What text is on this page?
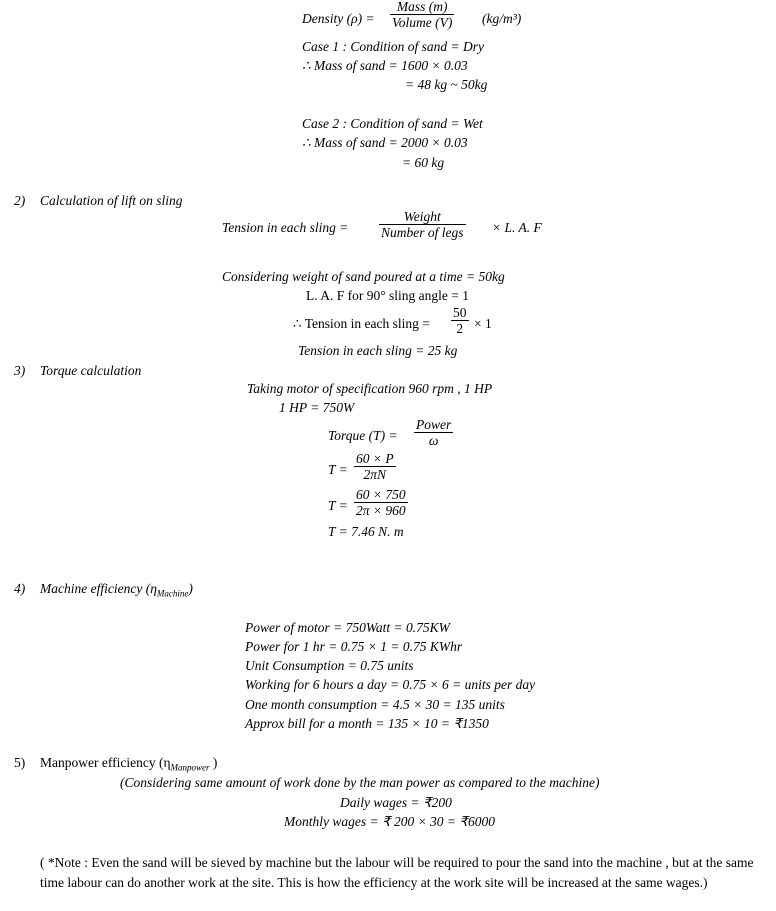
Density (ρ) =
Mass (m)
Volume (V) (kg/m³)
Case 1 : Condition of sand = Dry
∴ Mass of sand = 1600 × 0.03
= 48 kg ~ 50kg
Case 2 : Condition of sand = Wet
∴ Mass of sand = 2000 × 0.03
= 60 kg
2) Calculation of lift on sling
Tension in each sling =
Weight
Number of legs × L. A. F
Considering weight of sand poured at a time = 50kg
L. A. F for 90° sling angle = 1
∴ Tension in each sling = $\frac{50}{2} \times 1$
Tension in each sling = 25 kg
3) Torque calculation
Taking motor of specification 960 rpm , 1 HP
1 HP = 750W
Torque (T) =
Power
ω
$T = \frac{60 \times P}{2\pi N}$
$T = \frac{60 \times 750}{2\pi \times 960}$
T = 7.46 N. m
4) Machine efficiency $(\eta_{Machine})$
Power of motor = 750Watt = 0.75KW
Power for 1 hr = 0.75 × 1 = 0.75 KWhr
Unit Consumption = 0.75 units
Working for 6 hours a day = 0.75 × 6 = units per day
One month consumption = 4.5 × 30 = 135 units
Approx bill for a month = 135 × 10 = ₹1350
5) Manpower efficiency ($\eta_{Manpower}$ )
(Considering same amount of work done by the man power as compared to the machine)
Daily wages = ₹200
Monthly wages = ₹ 200 × 30 = ₹6000
( *Note : Even the sand will be sieved by machine but the labour will be required to pour the sand into the machine , but at the same time labour can do another work at the site. This is how the efficiency at the work site will be increased at the same wages.)
